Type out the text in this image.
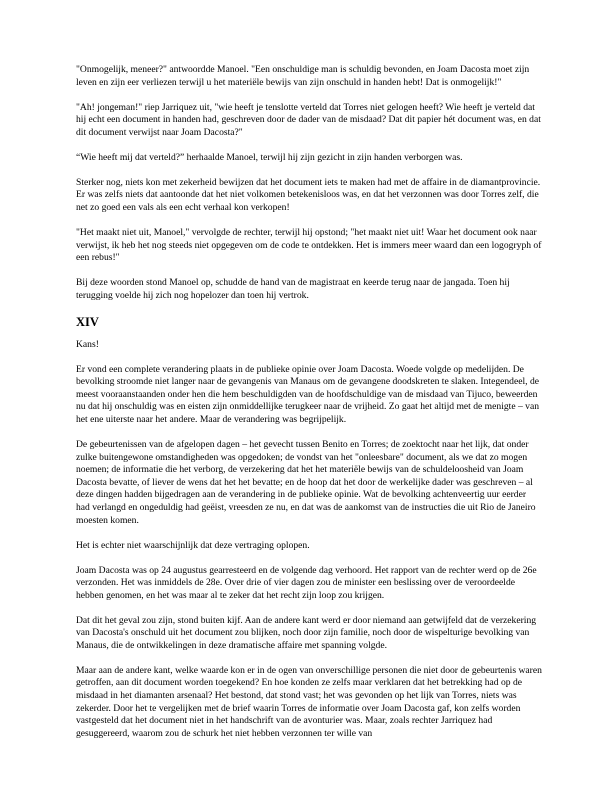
"Onmogelijk, meneer?" antwoordde Manoel. "Een onschuldige man is schuldig bevonden, en Joam Dacosta moet zijn leven en zijn eer verliezen terwijl u het materiële bewijs van zijn onschuld in handen hebt! Dat is onmogelijk!"

"Ah! jongeman!" riep Jarriquez uit, "wie heeft je tenslotte verteld dat Torres niet gelogen heeft? Wie heeft je verteld dat hij echt een document in handen had, geschreven door de dader van de misdaad? Dat dit papier hét document was, en dat dit document verwijst naar Joam Dacosta?"

“Wie heeft mij dat verteld?” herhaalde Manoel, terwijl hij zijn gezicht in zijn handen verborgen was.

Sterker nog, niets kon met zekerheid bewijzen dat het document iets te maken had met de affaire in de diamantprovincie. Er was zelfs niets dat aantoonde dat het niet volkomen betekenisloos was, en dat het verzonnen was door Torres zelf, die net zo goed een vals als een echt verhaal kon verkopen!

"Het maakt niet uit, Manoel," vervolgde de rechter, terwijl hij opstond; "het maakt niet uit! Waar het document ook naar verwijst, ik heb het nog steeds niet opgegeven om de code te ontdekken. Het is immers meer waard dan een logogryph of een rebus!"

Bij deze woorden stond Manoel op, schudde de hand van de magistraat en keerde terug naar de jangada. Toen hij terugging voelde hij zich nog hopelozer dan toen hij vertrok.

XIV

Kans!

Er vond een complete verandering plaats in de publieke opinie over Joam Dacosta. Woede volgde op medelijden. De bevolking stroomde niet langer naar de gevangenis van Manaus om de gevangene doodskreten te slaken. Integendeel, de meest vooraanstaanden onder hen die hem beschuldigden van de hoofdschuldige van de misdaad van Tijuco, beweerden nu dat hij onschuldig was en eisten zijn onmiddellijke terugkeer naar de vrijheid. Zo gaat het altijd met de menigte – van het ene uiterste naar het andere. Maar de verandering was begrijpelijk.

De gebeurtenissen van de afgelopen dagen – het gevecht tussen Benito en Torres; de zoektocht naar het lijk, dat onder zulke buitengewone omstandigheden was opgedoken; de vondst van het "onleesbare" document, als we dat zo mogen noemen; de informatie die het verborg, de verzekering dat het het materiële bewijs van de schuldeloosheid van Joam Dacosta bevatte, of liever de wens dat het het bevatte; en de hoop dat het door de werkelijke dader was geschreven – al deze dingen hadden bijgedragen aan de verandering in de publieke opinie. Wat de bevolking achtenveertig uur eerder had verlangd en ongeduldig had geëist, vreesden ze nu, en dat was de aankomst van de instructies die uit Rio de Janeiro moesten komen.

Het is echter niet waarschijnlijk dat deze vertraging oplopen.

Joam Dacosta was op 24 augustus gearresteerd en de volgende dag verhoord. Het rapport van de rechter werd op de 26e verzonden. Het was inmiddels de 28e. Over drie of vier dagen zou de minister een beslissing over de veroordeelde hebben genomen, en het was maar al te zeker dat het recht zijn loop zou krijgen.

Dat dit het geval zou zijn, stond buiten kijf. Aan de andere kant werd er door niemand aan getwijfeld dat de verzekering van Dacosta's onschuld uit het document zou blijken, noch door zijn familie, noch door de wispelturige bevolking van Manaus, die de ontwikkelingen in deze dramatische affaire met spanning volgde.

Maar aan de andere kant, welke waarde kon er in de ogen van onverschillige personen die niet door de gebeurtenis waren getroffen, aan dit document worden toegekend? En hoe konden ze zelfs maar verklaren dat het betrekking had op de misdaad in het diamanten arsenaal? Het bestond, dat stond vast; het was gevonden op het lijk van Torres, niets was zekerder. Door het te vergelijken met de brief waarin Torres de informatie over Joam Dacosta gaf, kon zelfs worden vastgesteld dat het document niet in het handschrift van de avonturier was. Maar, zoals rechter Jarriquez had gesuggereerd, waarom zou de schurk het niet hebben verzonnen ter wille van
